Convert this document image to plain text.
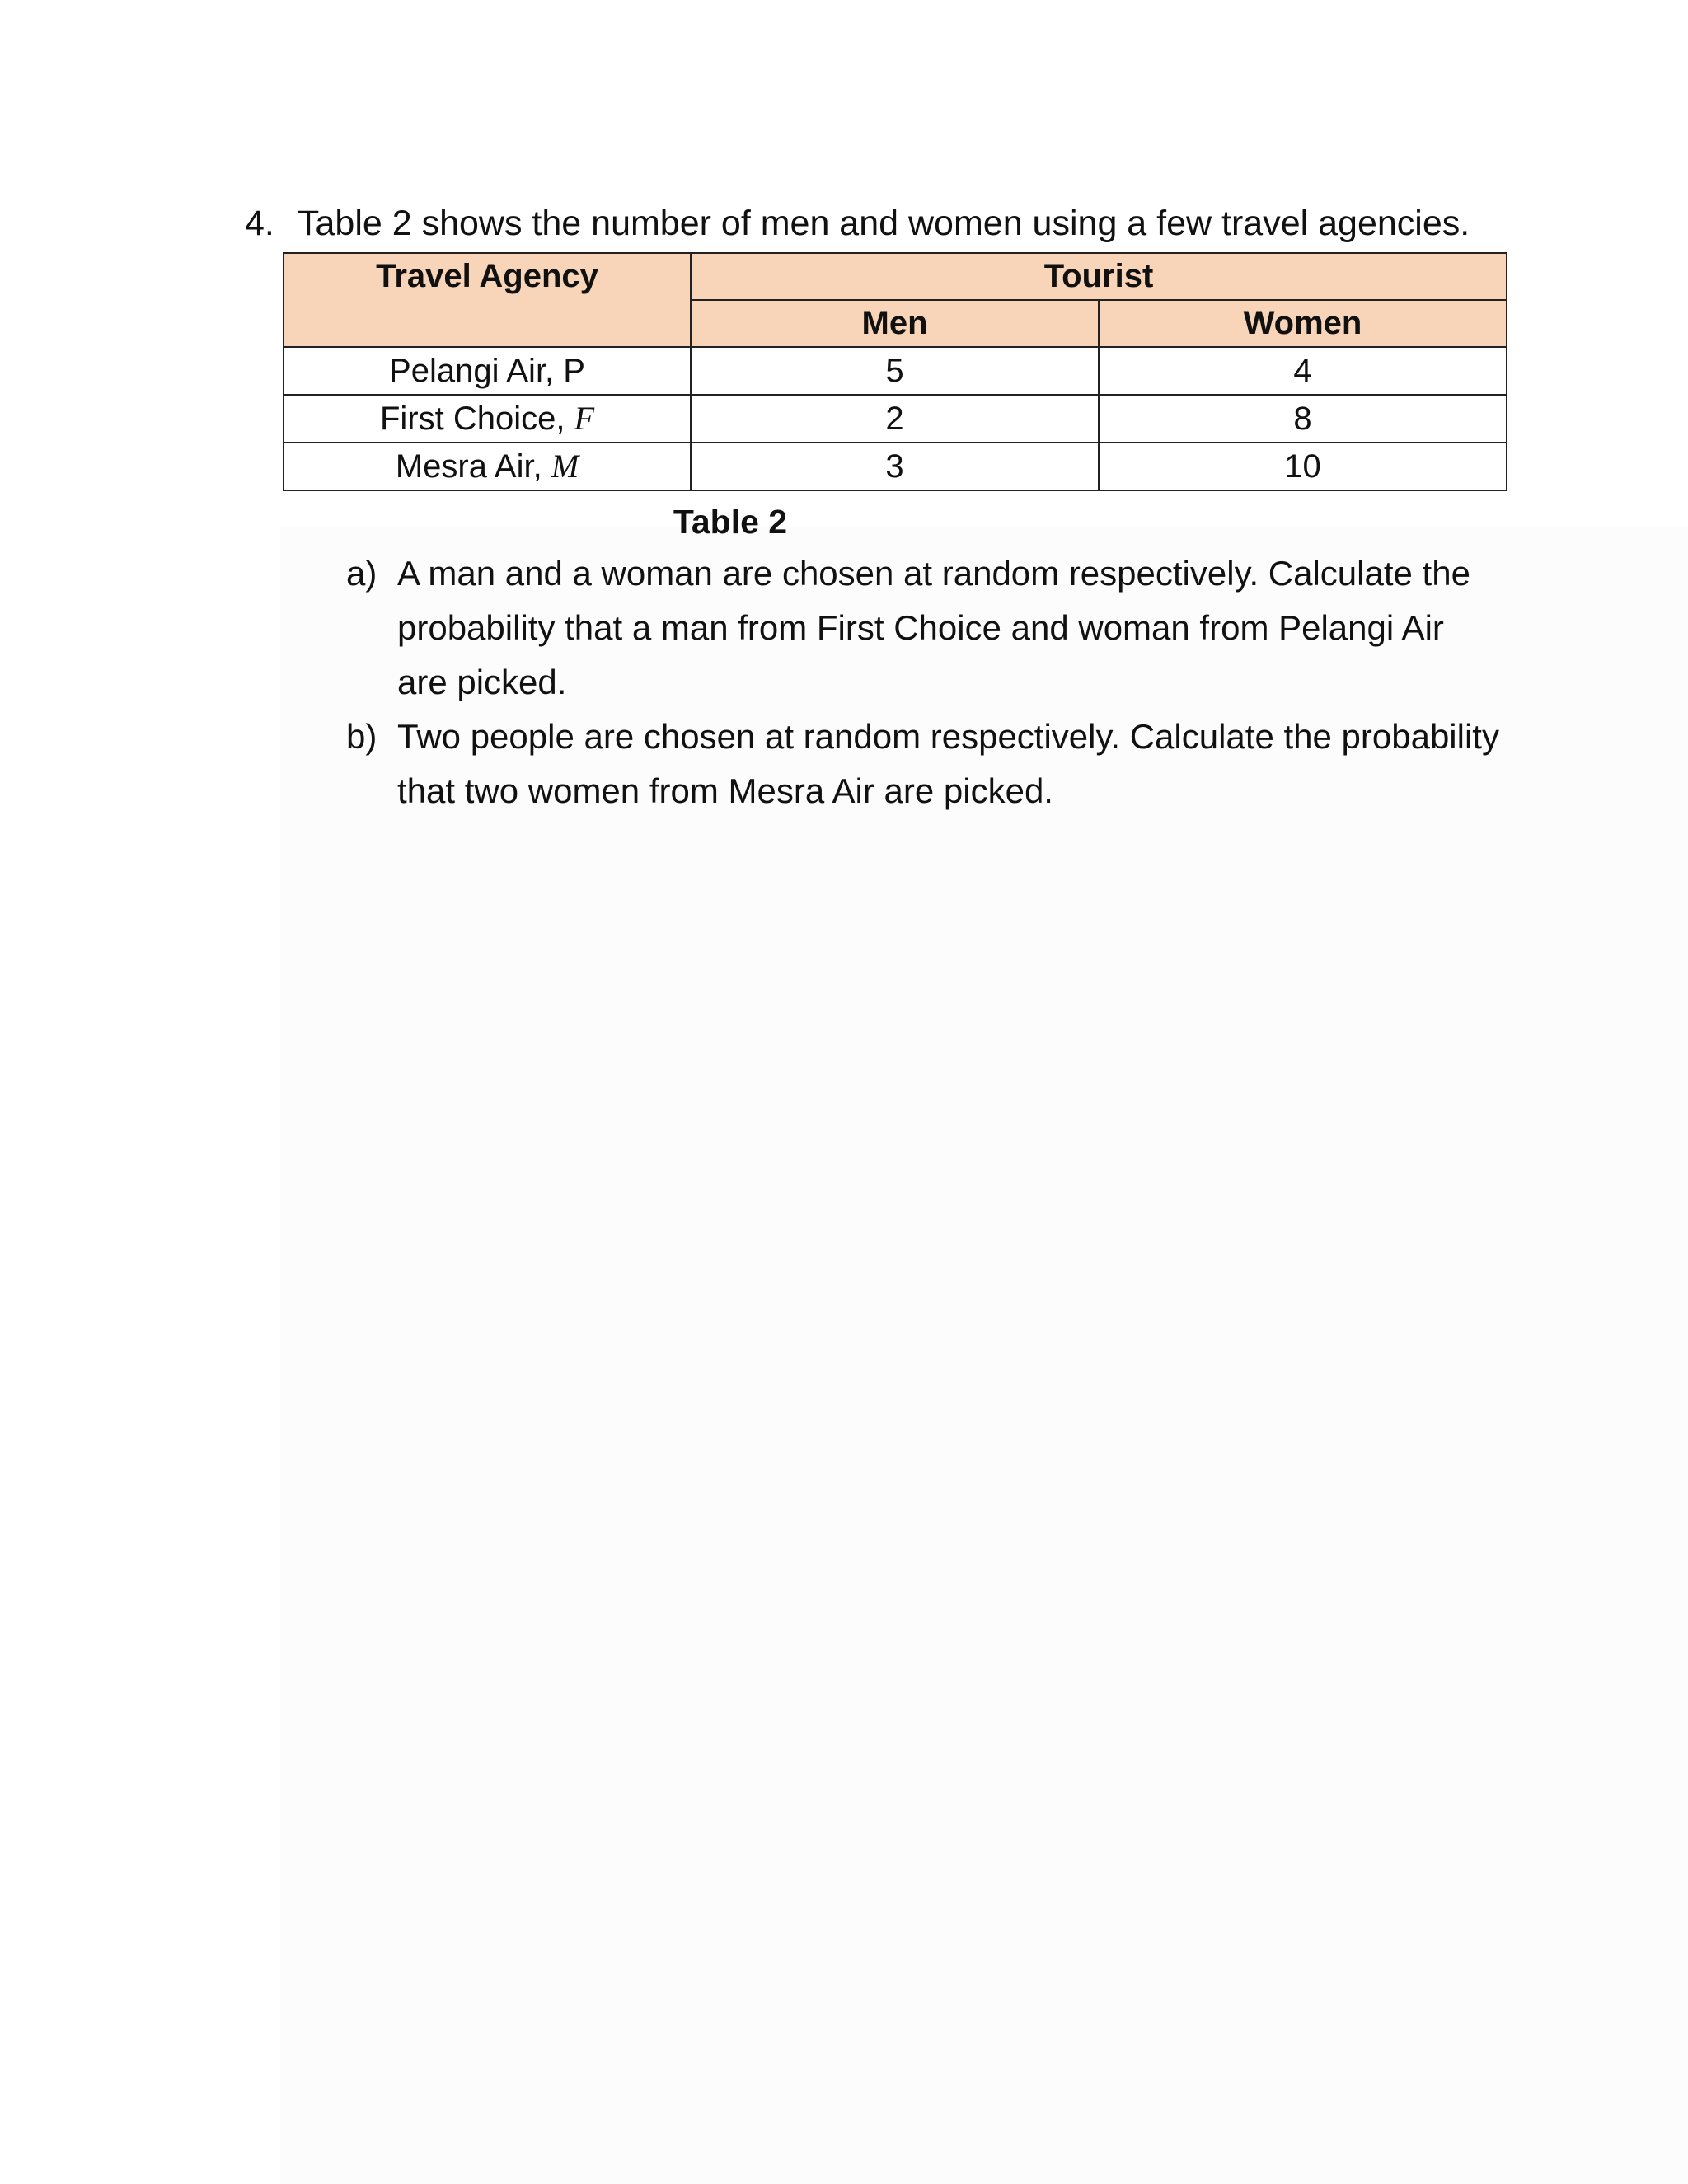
4. Table 2 shows the number of men and women using a few travel agencies.
Travel Agency	Tourist	
	Men	Women
Pelangi Air, P	5	4
First Choice, F	2	8
Mesra Air, M	3	10
Table 2
a) A man and a woman are chosen at random respectively. Calculate the probability that a man from First Choice and woman from Pelangi Air are picked.
b) Two people are chosen at random respectively. Calculate the probability that two women from Mesra Air are picked.
